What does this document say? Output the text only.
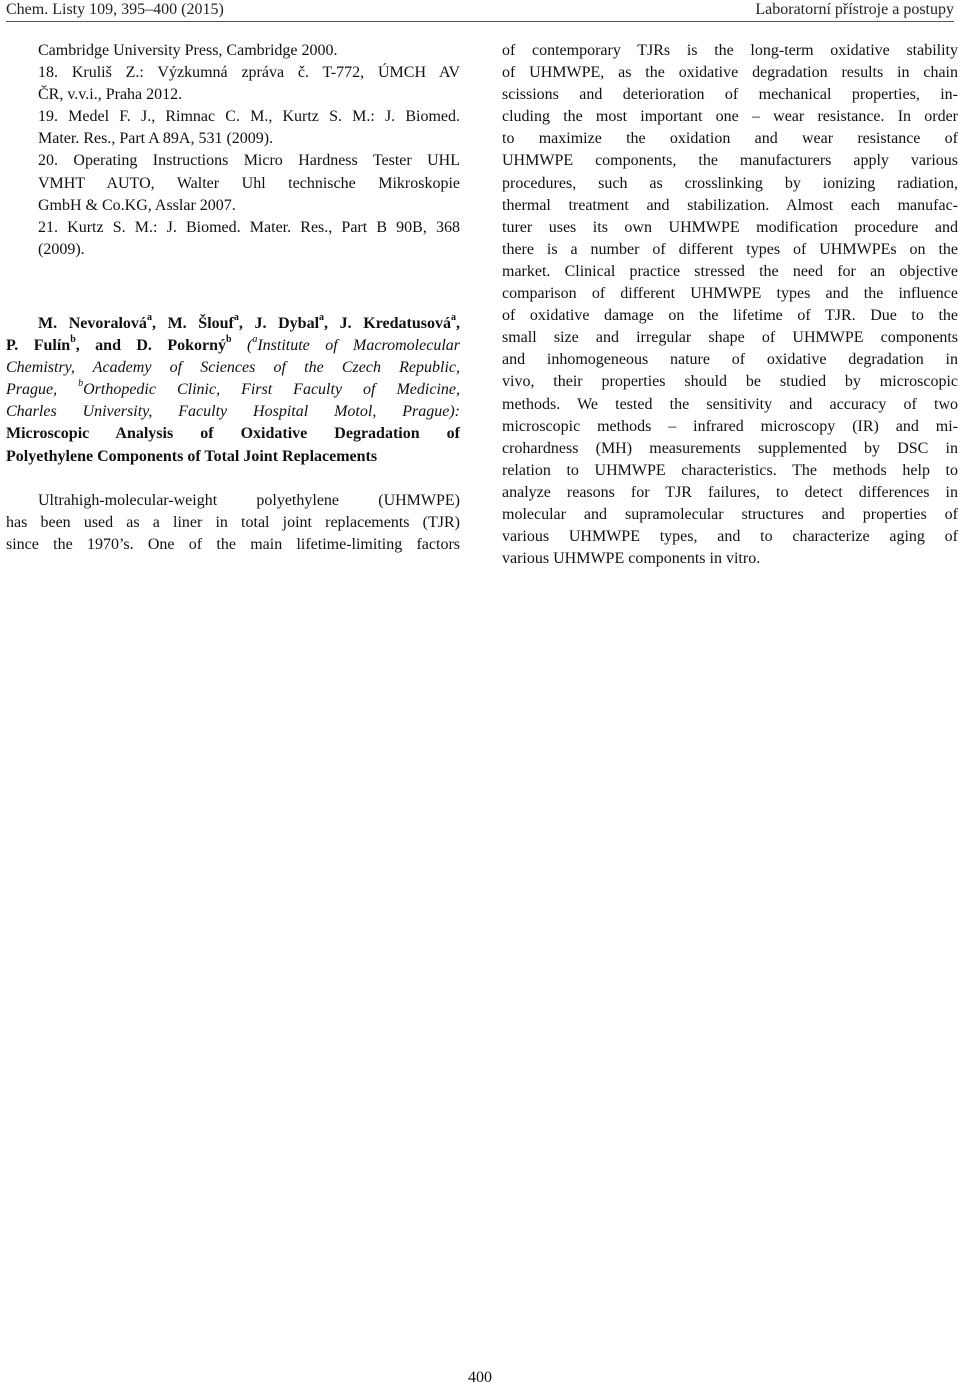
Chem. Listy 109, 395–400 (2015)	Laboratorní přístroje a postupy
Cambridge University Press, Cambridge 2000.
18. Kruliš Z.: Výzkumná zpráva č. T-772, ÚMCH AV
ČR, v.v.i., Praha 2012.
19. Medel F. J., Rimnac C. M., Kurtz S. M.: J. Biomed.
Mater. Res., Part A 89A, 531 (2009).
20. Operating Instructions Micro Hardness Tester UHL
VMHT AUTO, Walter Uhl technische Mikroskopie
GmbH & Co.KG, Asslar 2007.
21. Kurtz S. M.: J. Biomed. Mater. Res., Part B 90B, 368
(2009).
M. Nevoralová$^a$, M. Šlouf$^a$, J. Dybal$^a$, J. Kredatusová$^a$,
P. Fulín$^b$, and D. Pokorný$^b$ ($^a$Institute of Macromolecular
Chemistry, Academy of Sciences of the Czech Republic,
Prague, $^b$Orthopedic Clinic, First Faculty of Medicine,
Charles University, Faculty Hospital Motol, Prague):
Microscopic Analysis of Oxidative Degradation of
Polyethylene Components of Total Joint Replacements
Ultrahigh-molecular-weight polyethylene (UHMWPE)
has been used as a liner in total joint replacements (TJR)
since the 1970’s. One of the main lifetime-limiting factors
of contemporary TJRs is the long-term oxidative stability
of UHMWPE, as the oxidative degradation results in chain
scissions and deterioration of mechanical properties, in-
cluding the most important one – wear resistance. In order
to maximize the oxidation and wear resistance of
UHMWPE components, the manufacturers apply various
procedures, such as crosslinking by ionizing radiation,
thermal treatment and stabilization. Almost each manufac-
turer uses its own UHMWPE modification procedure and
there is a number of different types of UHMWPEs on the
market. Clinical practice stressed the need for an objective
comparison of different UHMWPE types and the influence
of oxidative damage on the lifetime of TJR. Due to the
small size and irregular shape of UHMWPE components
and inhomogeneous nature of oxidative degradation in
vivo, their properties should be studied by microscopic
methods. We tested the sensitivity and accuracy of two
microscopic methods – infrared microscopy (IR) and mi-
crohardness (MH) measurements supplemented by DSC in
relation to UHMWPE characteristics. The methods help to
analyze reasons for TJR failures, to detect differences in
molecular and supramolecular structures and properties of
various UHMWPE types, and to characterize aging of
various UHMWPE components in vitro.
400
